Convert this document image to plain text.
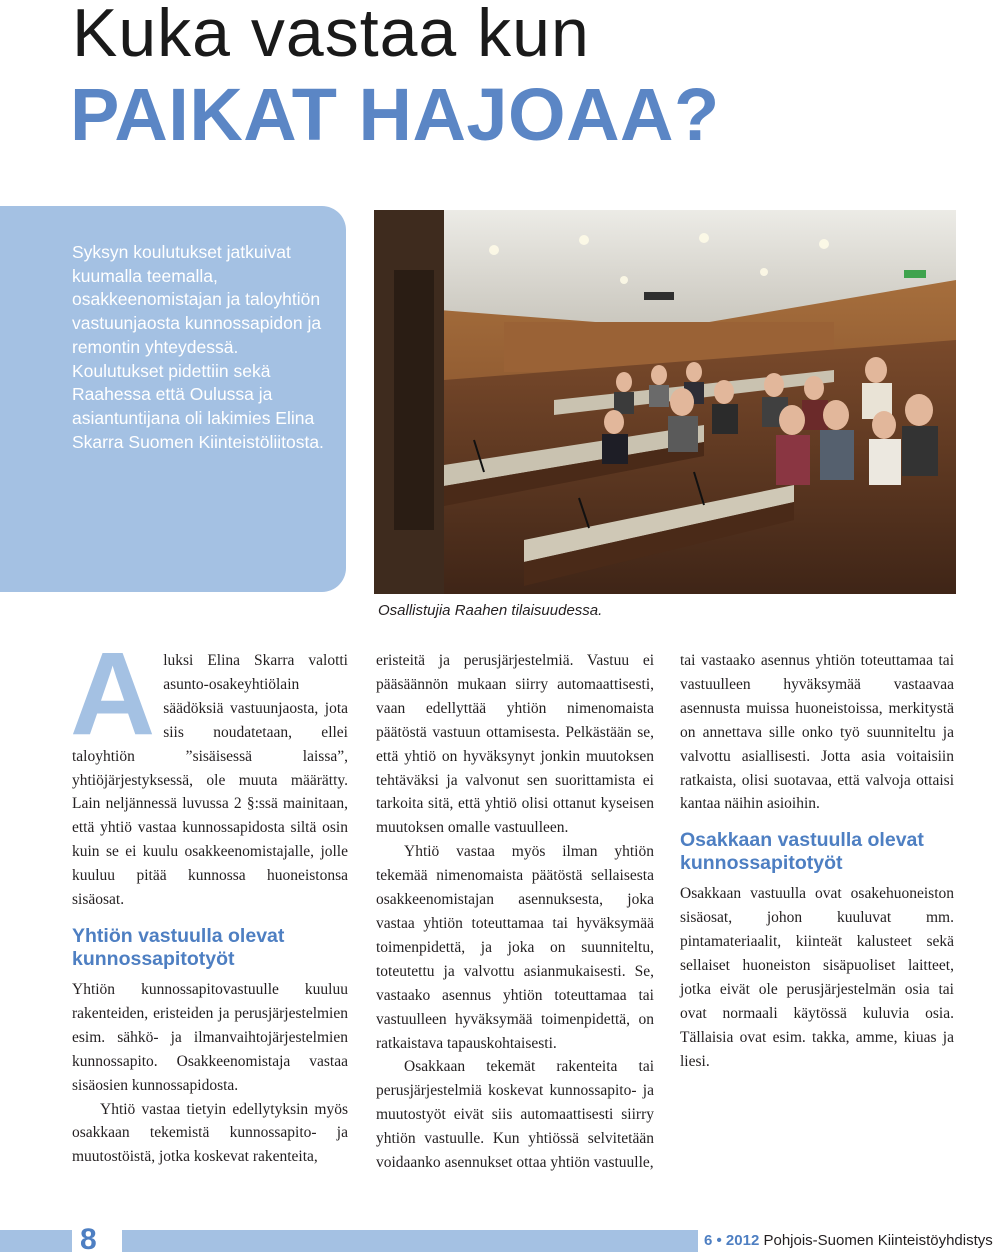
Kuka vastaa kun
PAIKAT HAJOAA?

Syksyn koulutukset jatkuivat kuumalla teemalla, osakkeenomistajan ja taloyhtiön vastuunjaosta kunnossapidon ja remontin yhteydessä. Koulutukset pidettiin sekä Raahessa että Oulussa ja asiantuntijana oli lakimies Elina Skarra Suomen Kiinteistöliitosta.

Osallistujia Raahen tilaisuudessa.

Aluksi Elina Skarra valotti asunto-osakeyhtiölain säädöksiä vastuunjaosta, jota siis noudatetaan, ellei taloyhtiön ”sisäisessä laissa”, yhtiöjärjestyksessä, ole muuta määrätty. Lain neljännessä luvussa 2 §:ssä mainitaan, että yhtiö vastaa kunnossapidosta siltä osin kuin se ei kuulu osakkeenomistajalle, jolle kuuluu pitää kunnossa huoneistonsa sisäosat.

Yhtiön vastuulla olevat kunnossapitotyöt

Yhtiön kunnossapitovastuulle kuuluu rakenteiden, eristeiden ja perusjärjestelmien esim. sähkö- ja ilmanvaihtojärjestelmien kunnossapito. Osakkeenomistaja vastaa sisäosien kunnossapidosta.

Yhtiö vastaa tietyin edellytyksin myös osakkaan tekemistä kunnossapito- ja muutostöistä, jotka koskevat rakenteita,

eristeitä ja perusjärjestelmiä. Vastuu ei pääsäännön mukaan siirry automaattisesti, vaan edellyttää yhtiön nimenomaista päätöstä vastuun ottamisesta. Pelkästään se, että yhtiö on hyväksynyt jonkin muutoksen tehtäväksi ja valvonut sen suorittamista ei tarkoita sitä, että yhtiö olisi ottanut kyseisen muutoksen omalle vastuulleen.

Yhtiö vastaa myös ilman yhtiön tekemää nimenomaista päätöstä sellaisesta osakkeenomistajan asennuksesta, joka vastaa yhtiön toteuttamaa tai hyväksymää toimenpidettä, ja joka on suunniteltu, toteutettu ja valvottu asianmukaisesti. Se, vastaako asennus yhtiön toteuttamaa tai vastuulleen hyväksymää toimenpidettä, on ratkaistava tapauskohtaisesti.

Osakkaan tekemät rakenteita tai perusjärjestelmiä koskevat kunnossapito- ja muutostyöt eivät siis automaattisesti siirry yhtiön vastuulle. Kun yhtiössä selvitetään voidaanko asennukset ottaa yhtiön vastuulle,

tai vastaako asennus yhtiön toteuttamaa tai vastuulleen hyväksymää vastaavaa asennusta muissa huoneistoissa, merkitystä on annettava sille onko työ suunniteltu ja valvottu asiallisesti. Jotta asia voitaisiin ratkaista, olisi suotavaa, että valvoja ottaisi kantaa näihin asioihin.

Osakkaan vastuulla olevat kunnossapitotyöt

Osakkaan vastuulla ovat osakehuoneiston sisäosat, johon kuuluvat mm. pintamateriaalit, kiinteät kalusteet sekä sellaiset huoneiston sisäpuoliset laitteet, jotka eivät ole perusjärjestelmän osia tai ovat normaali käytössä kuluvia osia. Tällaisia ovat esim. takka, amme, kiuas ja liesi.

8	6 • 2012 Pohjois-Suomen Kiinteistöyhdistys
